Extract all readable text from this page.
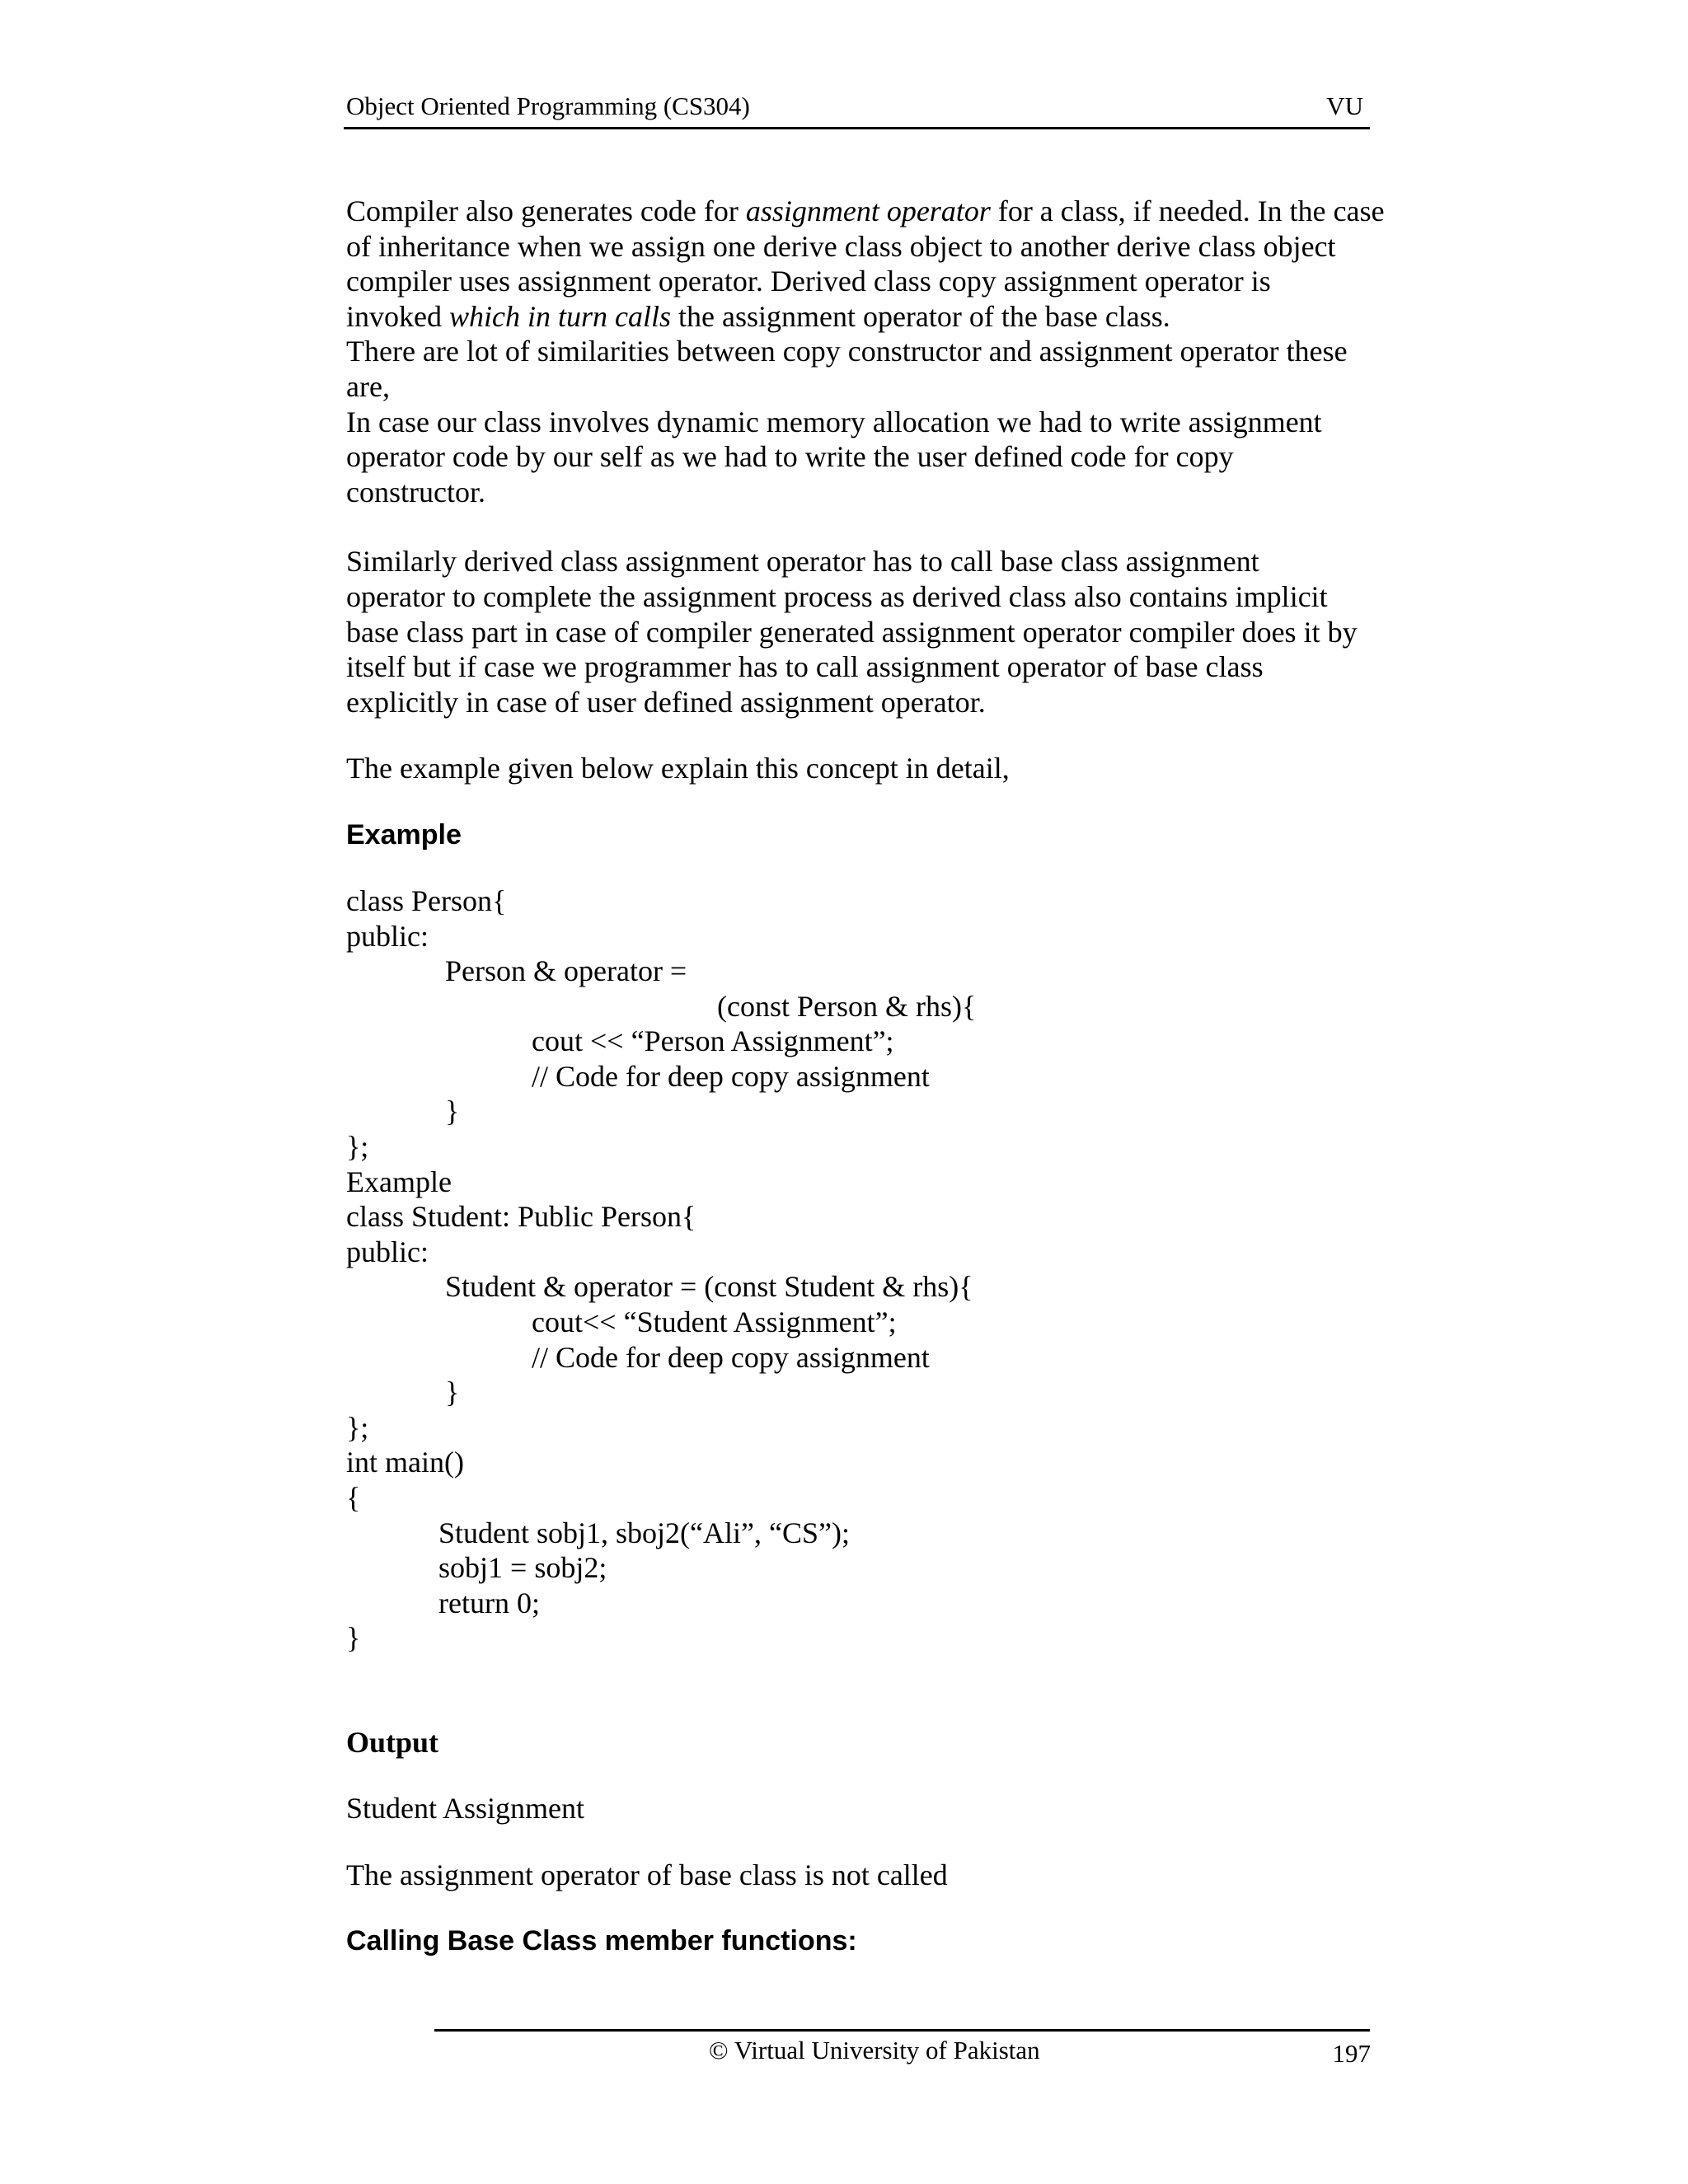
Object Oriented Programming (CS304)	VU
Compiler also generates code for assignment operator for a class, if needed. In the case
of inheritance when we assign one derive class object to another derive class object
compiler uses assignment operator. Derived class copy assignment operator is
invoked which in turn calls the assignment operator of the base class.
There are lot of similarities between copy constructor and assignment operator these
are,
In case our class involves dynamic memory allocation we had to write assignment
operator code by our self as we had to write the user defined code for copy
constructor.
Similarly derived class assignment operator has to call base class assignment
operator to complete the assignment process as derived class also contains implicit
base class part in case of compiler generated assignment operator compiler does it by
itself but if case we programmer has to call assignment operator of base class
explicitly in case of user defined assignment operator.
The example given below explain this concept in detail,
Example
class Person{
public:
Person & operator =
(const Person & rhs){
cout << “Person Assignment”;
// Code for deep copy assignment
}
};
Example
class Student: Public Person{
public:
Student & operator = (const Student & rhs){
cout<< “Student Assignment”;
// Code for deep copy assignment
}
};
int main()
{
Student sobj1, sboj2(“Ali”, “CS”);
sobj1 = sobj2;
return 0;
}
Output
Student Assignment
The assignment operator of base class is not called
Calling Base Class member functions:
© Virtual University of Pakistan	197
